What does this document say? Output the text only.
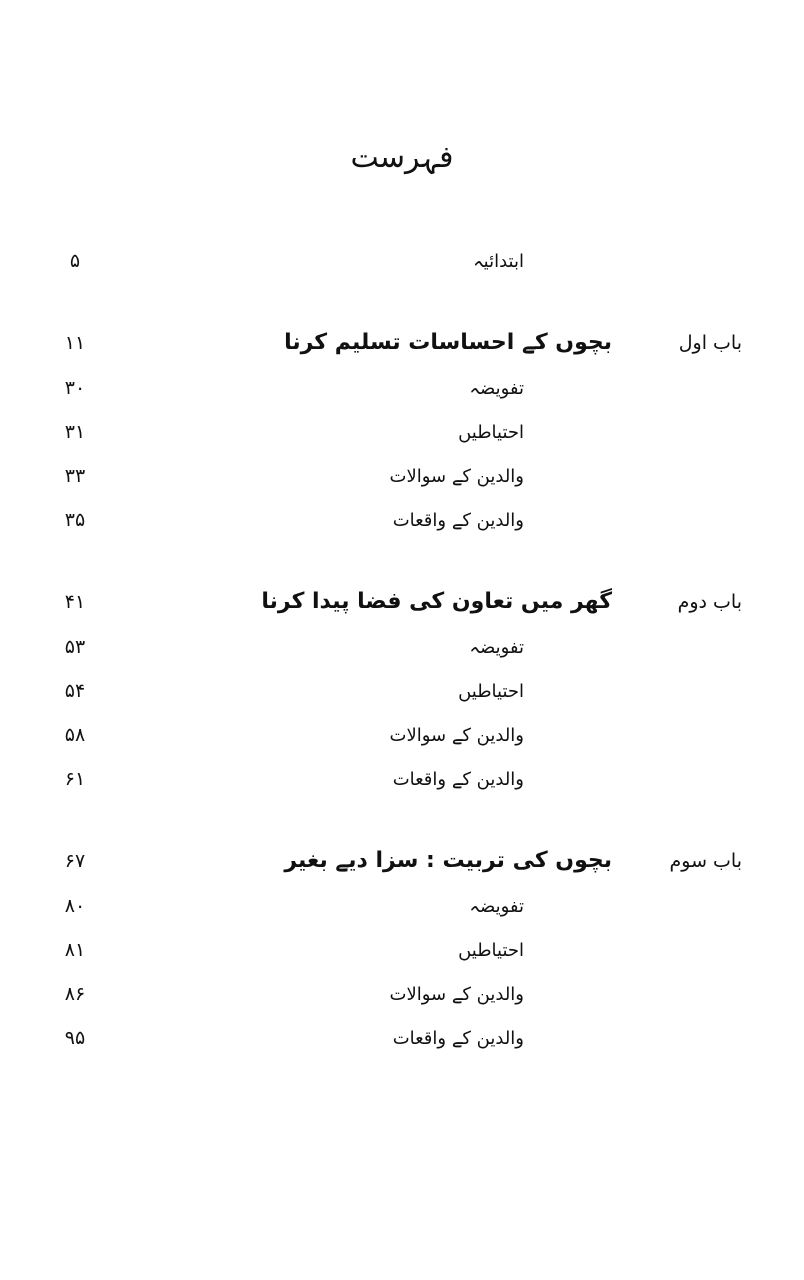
فہرست
ابتدائیہ
۵
باب اول
بچوں کے احساسات تسلیم کرنا
۱۱
تفویضہ
۳۰
احتیاطیں
۳۱
والدین کے سوالات
۳۳
والدین کے واقعات
۳۵
باب دوم
گھر میں تعاون کی فضا پیدا کرنا
۴۱
تفویضہ
۵۳
احتیاطیں
۵۴
والدین کے سوالات
۵۸
والدین کے واقعات
۶۱
باب سوم
بچوں کی تربیت : سزا دیے بغیر
۶۷
تفویضہ
۸۰
احتیاطیں
۸۱
والدین کے سوالات
۸۶
والدین کے واقعات
۹۵
